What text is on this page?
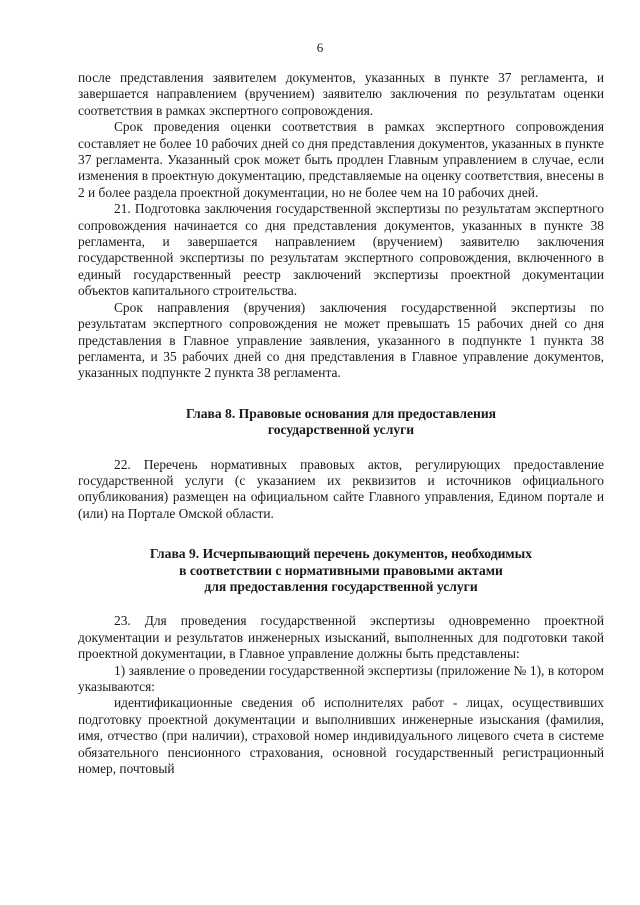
6

после представления заявителем документов, указанных в пункте 37 регламента, и завершается направлением (вручением) заявителю заключения по результатам оценки соответствия в рамках экспертного сопровождения.

Срок проведения оценки соответствия в рамках экспертного сопровождения составляет не более 10 рабочих дней со дня представления документов, указанных в пункте 37 регламента. Указанный срок может быть продлен Главным управлением в случае, если изменения в проектную документацию, представляемые на оценку соответствия, внесены в 2 и более раздела проектной документации, но не более чем на 10 рабочих дней.

21. Подготовка заключения государственной экспертизы по результатам экспертного сопровождения начинается со дня представления документов, указанных в пункте 38 регламента, и завершается направлением (вручением) заявителю заключения государственной экспертизы по результатам экспертного сопровождения, включенного в единый государственный реестр заключений экспертизы проектной документации объектов капитального строительства.

Срок направления (вручения) заключения государственной экспертизы по результатам экспертного сопровождения не может превышать 15 рабочих дней со дня представления в Главное управление заявления, указанного в подпункте 1 пункта 38 регламента, и 35 рабочих дней со дня представления в Главное управление документов, указанных подпункте 2 пункта 38 регламента.

Глава 8. Правовые основания для предоставления
государственной услуги

22. Перечень нормативных правовых актов, регулирующих предоставление государственной услуги (с указанием их реквизитов и источников официального опубликования) размещен на официальном сайте Главного управления, Едином портале и (или) на Портале Омской области.

Глава 9. Исчерпывающий перечень документов, необходимых
в соответствии с нормативными правовыми актами
для предоставления государственной услуги

23. Для проведения государственной экспертизы одновременно проектной документации и результатов инженерных изысканий, выполненных для подготовки такой проектной документации, в Главное управление должны быть представлены:

1) заявление о проведении государственной экспертизы (приложение № 1), в котором указываются:

идентификационные сведения об исполнителях работ - лицах, осуществивших подготовку проектной документации и выполнивших инженерные изыскания (фамилия, имя, отчество (при наличии), страховой номер индивидуального лицевого счета в системе обязательного пенсионного страхования, основной государственный регистрационный номер, почтовый
